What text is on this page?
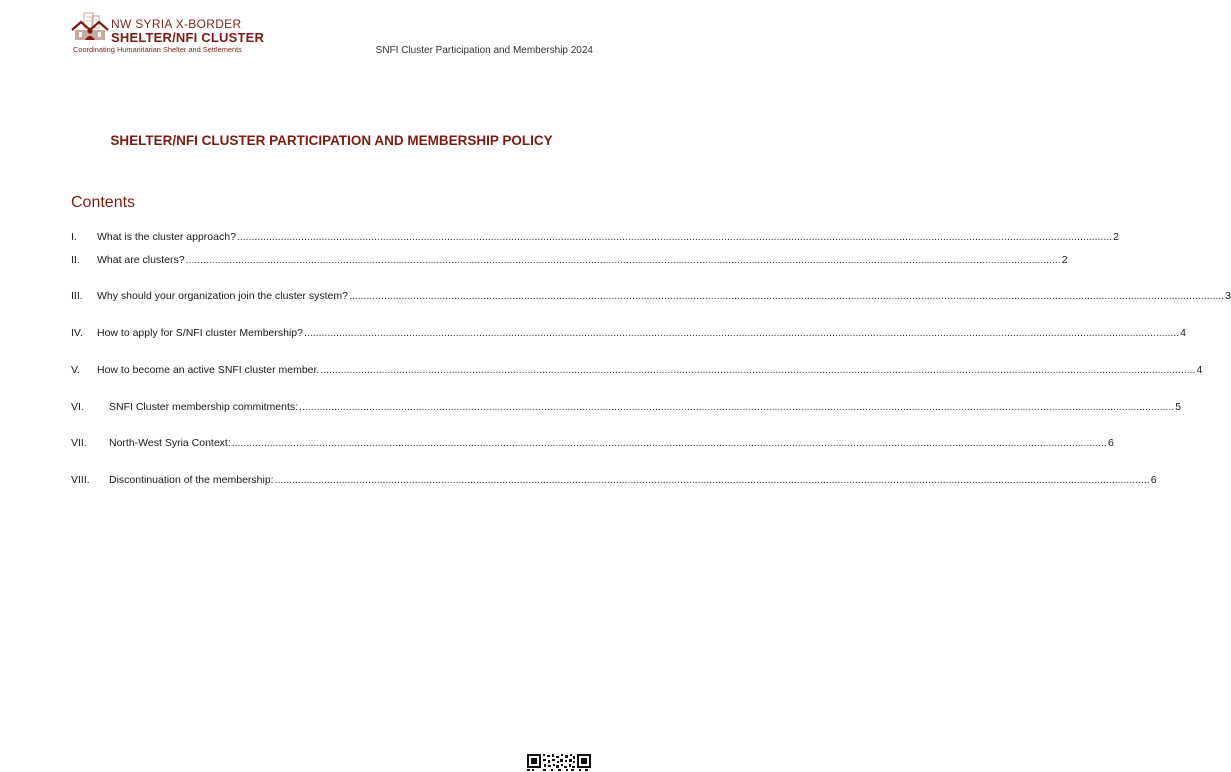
NW SYRIA X-BORDER
SHELTER/NFI CLUSTER
Coordinating Humanitarian Shelter and Settlements	SNFI Cluster Participation and Membership 2024
SHELTER/NFI CLUSTER PARTICIPATION AND MEMBERSHIP POLICY
Contents
I.	What is the cluster approach? ............................................................................................................................................................................................................................................................................................................ 2
II.	What are clusters? ............................................................................................................................................................................................................................................................................................................ 2
III.	Why should your organization join the cluster system? ............................................................................................................................................................................................................................................................................................................ 3
IV.	How to apply for S/NFI cluster Membership? ............................................................................................................................................................................................................................................................................................................ 4
V.	How to become an active SNFI cluster member. ............................................................................................................................................................................................................................................................................................................ 4
VI.	SNFI Cluster membership commitments: ............................................................................................................................................................................................................................................................................................................ 5
VII.	North-West Syria Context: ............................................................................................................................................................................................................................................................................................................ 6
VIII.	Discontinuation of the membership: ............................................................................................................................................................................................................................................................................................................ 6
